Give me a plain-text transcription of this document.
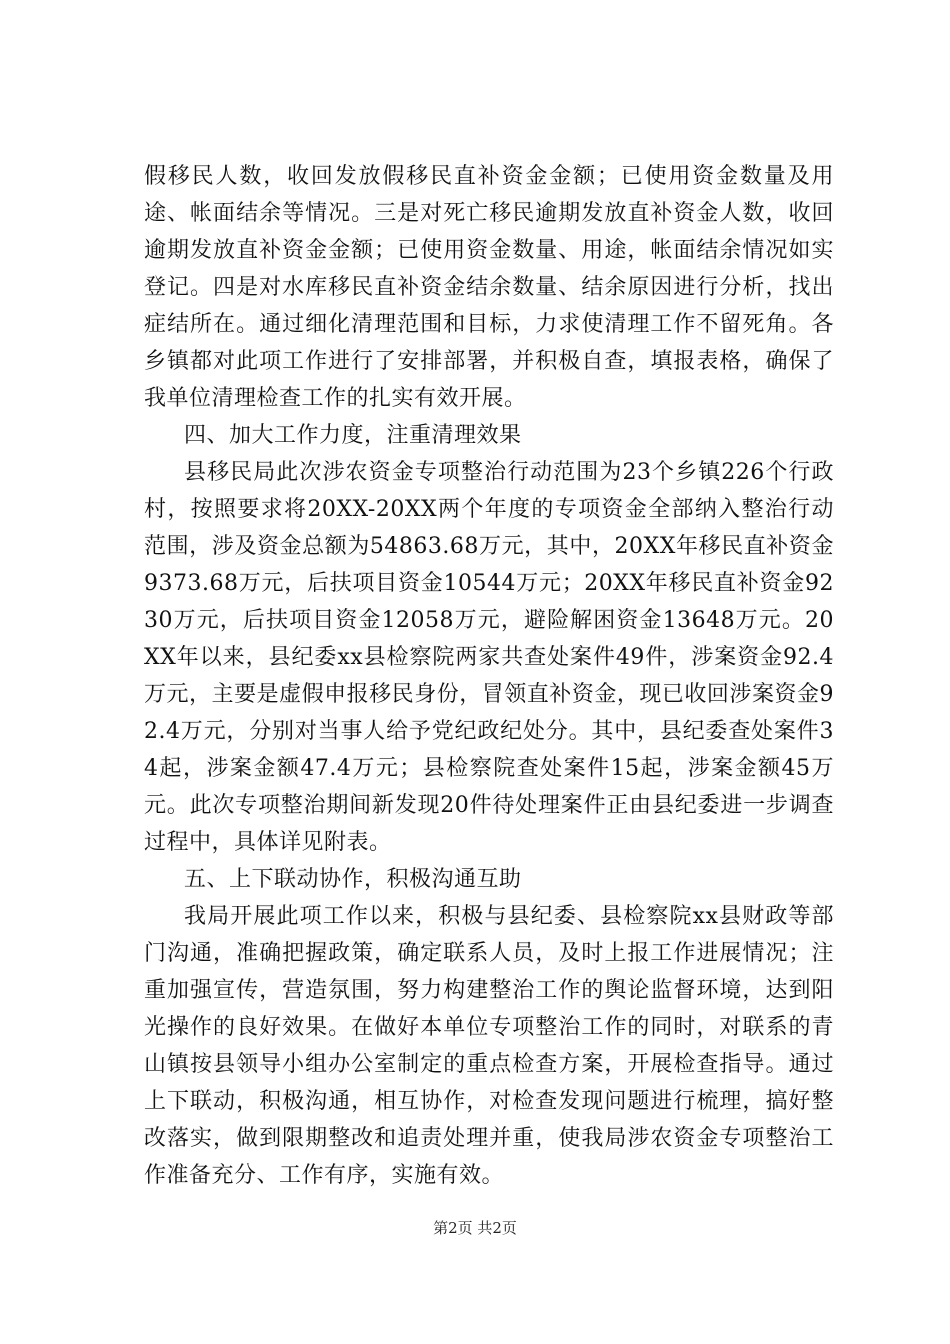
假移民人数，收回发放假移民直补资金金额；已使用资金数量及用途、帐面结余等情况。三是对死亡移民逾期发放直补资金人数，收回逾期发放直补资金金额；已使用资金数量、用途，帐面结余情况如实登记。四是对水库移民直补资金结余数量、结余原因进行分析，找出症结所在。通过细化清理范围和目标，力求使清理工作不留死角。各乡镇都对此项工作进行了安排部署，并积极自查，填报表格，确保了我单位清理检查工作的扎实有效开展。

四、加大工作力度，注重清理效果

县移民局此次涉农资金专项整治行动范围为23个乡镇226个行政村，按照要求将20XX-20XX两个年度的专项资金全部纳入整治行动范围，涉及资金总额为54863.68万元，其中，20XX年移民直补资金9373.68万元，后扶项目资金10544万元；20XX年移民直补资金9230万元，后扶项目资金12058万元，避险解困资金13648万元。20XX年以来，县纪委xx县检察院两家共查处案件49件，涉案资金92.4万元，主要是虚假申报移民身份，冒领直补资金，现已收回涉案资金92.4万元，分别对当事人给予党纪政纪处分。其中，县纪委查处案件34起，涉案金额47.4万元；县检察院查处案件15起，涉案金额45万元。此次专项整治期间新发现20件待处理案件正由县纪委进一步调查过程中，具体详见附表。

五、上下联动协作，积极沟通互助

我局开展此项工作以来，积极与县纪委、县检察院xx县财政等部门沟通，准确把握政策，确定联系人员，及时上报工作进展情况；注重加强宣传，营造氛围，努力构建整治工作的舆论监督环境，达到阳光操作的良好效果。在做好本单位专项整治工作的同时，对联系的青山镇按县领导小组办公室制定的重点检查方案，开展检查指导。通过上下联动，积极沟通，相互协作，对检查发现问题进行梳理，搞好整改落实，做到限期整改和追责处理并重，使我局涉农资金专项整治工作准备充分、工作有序，实施有效。

第2页 共2页
